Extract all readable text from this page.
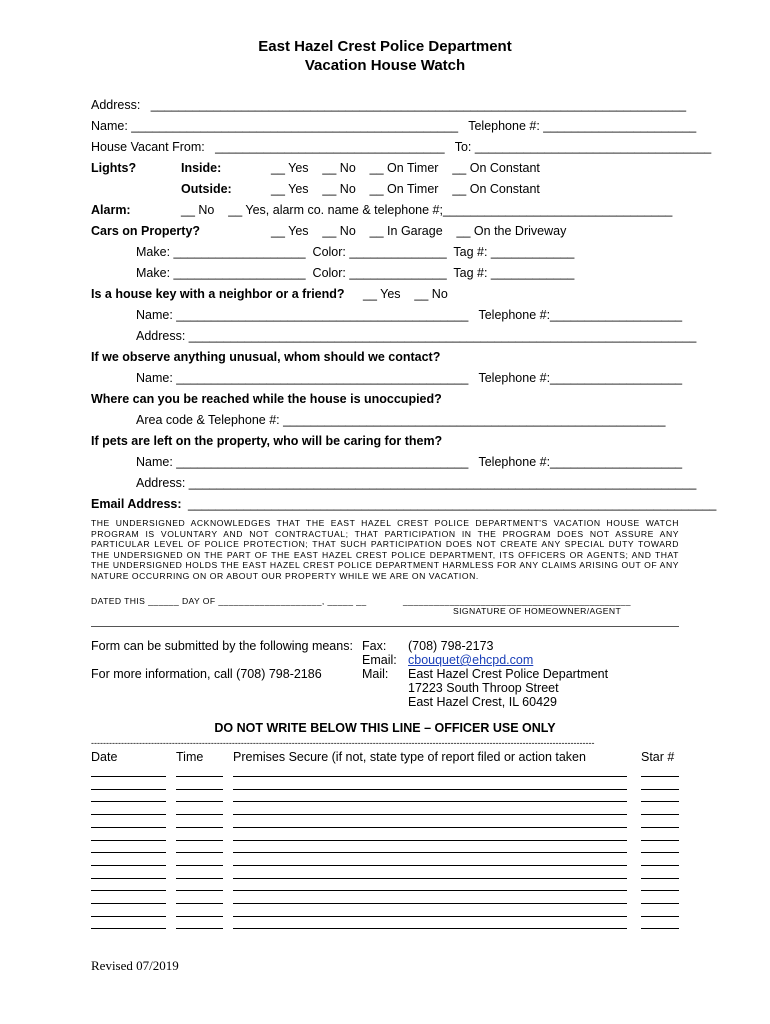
East Hazel Crest Police Department
Vacation House Watch
Address:   _____________________________________________________________________________
Name: _______________________________________________   Telephone #: ______________________
House Vacant From:   _________________________________   To: __________________________________
Lights?	Inside:	__ Yes    __ No    __ On Timer    __ On Constant
Outside:	__ Yes    __ No    __ On Timer    __ On Constant
Alarm:	__ No    __ Yes, alarm co. name & telephone #;_________________________________
Cars on Property?	__ Yes    __ No    __ In Garage    __ On the Driveway
Make: ___________________  Color: ______________  Tag #: ____________
Make: ___________________  Color: ______________  Tag #: ____________
Is a house key with a neighbor or a friend? __ Yes    __ No
Name: __________________________________________   Telephone #:___________________
Address: _________________________________________________________________________
If we observe anything unusual, whom should we contact?
Name: __________________________________________   Telephone #:___________________
Where can you be reached while the house is unoccupied?
Area code & Telephone #: _______________________________________________________
If pets are left on the property, who will be caring for them?
Name: __________________________________________   Telephone #:___________________
Address: _________________________________________________________________________
Email Address: ____________________________________________________________________________
THE UNDERSIGNED ACKNOWLEDGES THAT THE EAST HAZEL CREST POLICE DEPARTMENT'S VACATION HOUSE WATCH PROGRAM IS VOLUNTARY AND NOT CONTRACTUAL; THAT PARTICIPATION IN THE PROGRAM DOES NOT ASSURE ANY PARTICULAR LEVEL OF POLICE PROTECTION; THAT SUCH PARTICIPATION DOES NOT CREATE ANY SPECIAL DUTY TOWARD THE UNDERSIGNED ON THE PART OF THE EAST HAZEL CREST POLICE DEPARTMENT, ITS OFFICERS OR AGENTS; AND THAT THE UNDERSIGNED HOLDS THE EAST HAZEL CREST POLICE DEPARTMENT HARMLESS FOR ANY CLAIMS ARISING OUT OF ANY NATURE OCCURRING ON OR ABOUT OUR PROPERTY WHILE WE ARE ON VACATION.
DATED THIS ______ DAY OF ____________________, _____ __	____________________________________________
SIGNATURE OF HOMEOWNER/AGENT
Form can be submitted by the following means:
For more information, call (708) 798-2186
Fax: (708) 798-2173
Email: cbouquet@ehcpd.com
Mail: East Hazel Crest Police Department
17223 South Throop Street
East Hazel Crest, IL 60429
DO NOT WRITE BELOW THIS LINE – OFFICER USE ONLY
------------------------------------------------------------------------------------------------------------------------------------------------------------------------
Date	Time Premises Secure (if not, state type of report filed or action taken	Star #
Revised 07/2019
